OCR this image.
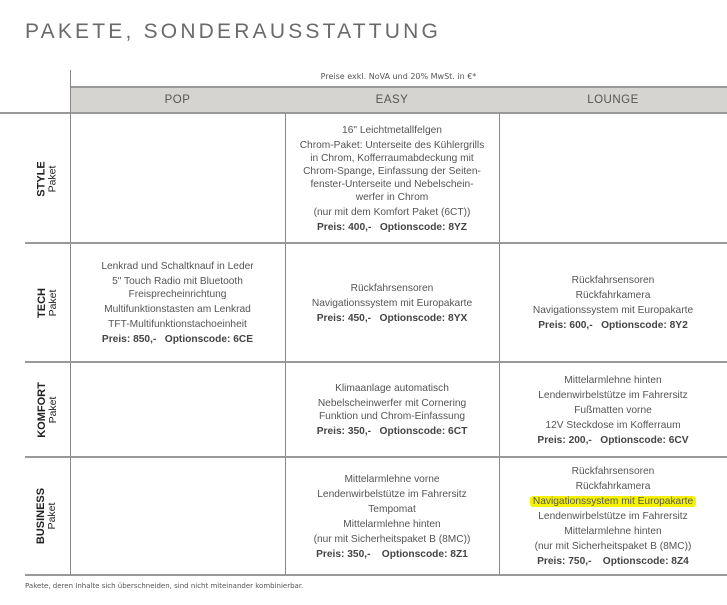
PAKETE, SONDERAUSSTATTUNG
Preise exkl. NoVA und 20% MwSt. in €*
POP	EASY	LOUNGE
STYLE Paket
16" Leichtmetallfelgen
Chrom-Paket: Unterseite des Kühlergrills in Chrom, Kofferraumabdeckung mit Chrom-Spange, Einfassung der Seiten-fenster-Unterseite und Nebelschein-werfer in Chrom
(nur mit dem Komfort Paket (6CT))
Preis: 400,-   Optionscode: 8YZ
TECH Paket
Lenkrad und Schaltknauf in Leder
5" Touch Radio mit Bluetooth Freisprecheinrichtung
Multifunktionstasten am Lenkrad
TFT-Multifunktionstachoeinheit
Preis: 850,-   Optionscode: 6CE
Rückfahrsensoren
Navigationssystem mit Europakarte
Preis: 450,-   Optionscode: 8YX
Rückfahrsensoren
Rückfahrkamera
Navigationssystem mit Europakarte
Preis: 600,-   Optionscode: 8Y2
KOMFORT Paket
Klimaanlage automatisch
Nebelscheinwerfer mit Cornering Funktion und Chrom-Einfassung
Preis: 350,-   Optionscode: 6CT
Mittelarmlehne hinten
Lendenwirbelstütze im Fahrersitz
Fußmatten vorne
12V Steckdose im Kofferraum
Preis: 200,-   Optionscode: 6CV
BUSINESS Paket
Mittelarmlehne vorne
Lendenwirbelstütze im Fahrersitz
Tempomat
Mittelarmlehne hinten
(nur mit Sicherheitspaket B (8MC))
Preis: 350,-    Optionscode: 8Z1
Rückfahrsensoren
Rückfahrkamera
Navigationssystem mit Europakarte
Lendenwirbelstütze im Fahrersitz
Mittelarmlehne hinten
(nur mit Sicherheitspaket B (8MC))
Preis: 750,-    Optionscode: 8Z4
Pakete, deren Inhalte sich überschneiden, sind nicht miteinander kombinierbar.
